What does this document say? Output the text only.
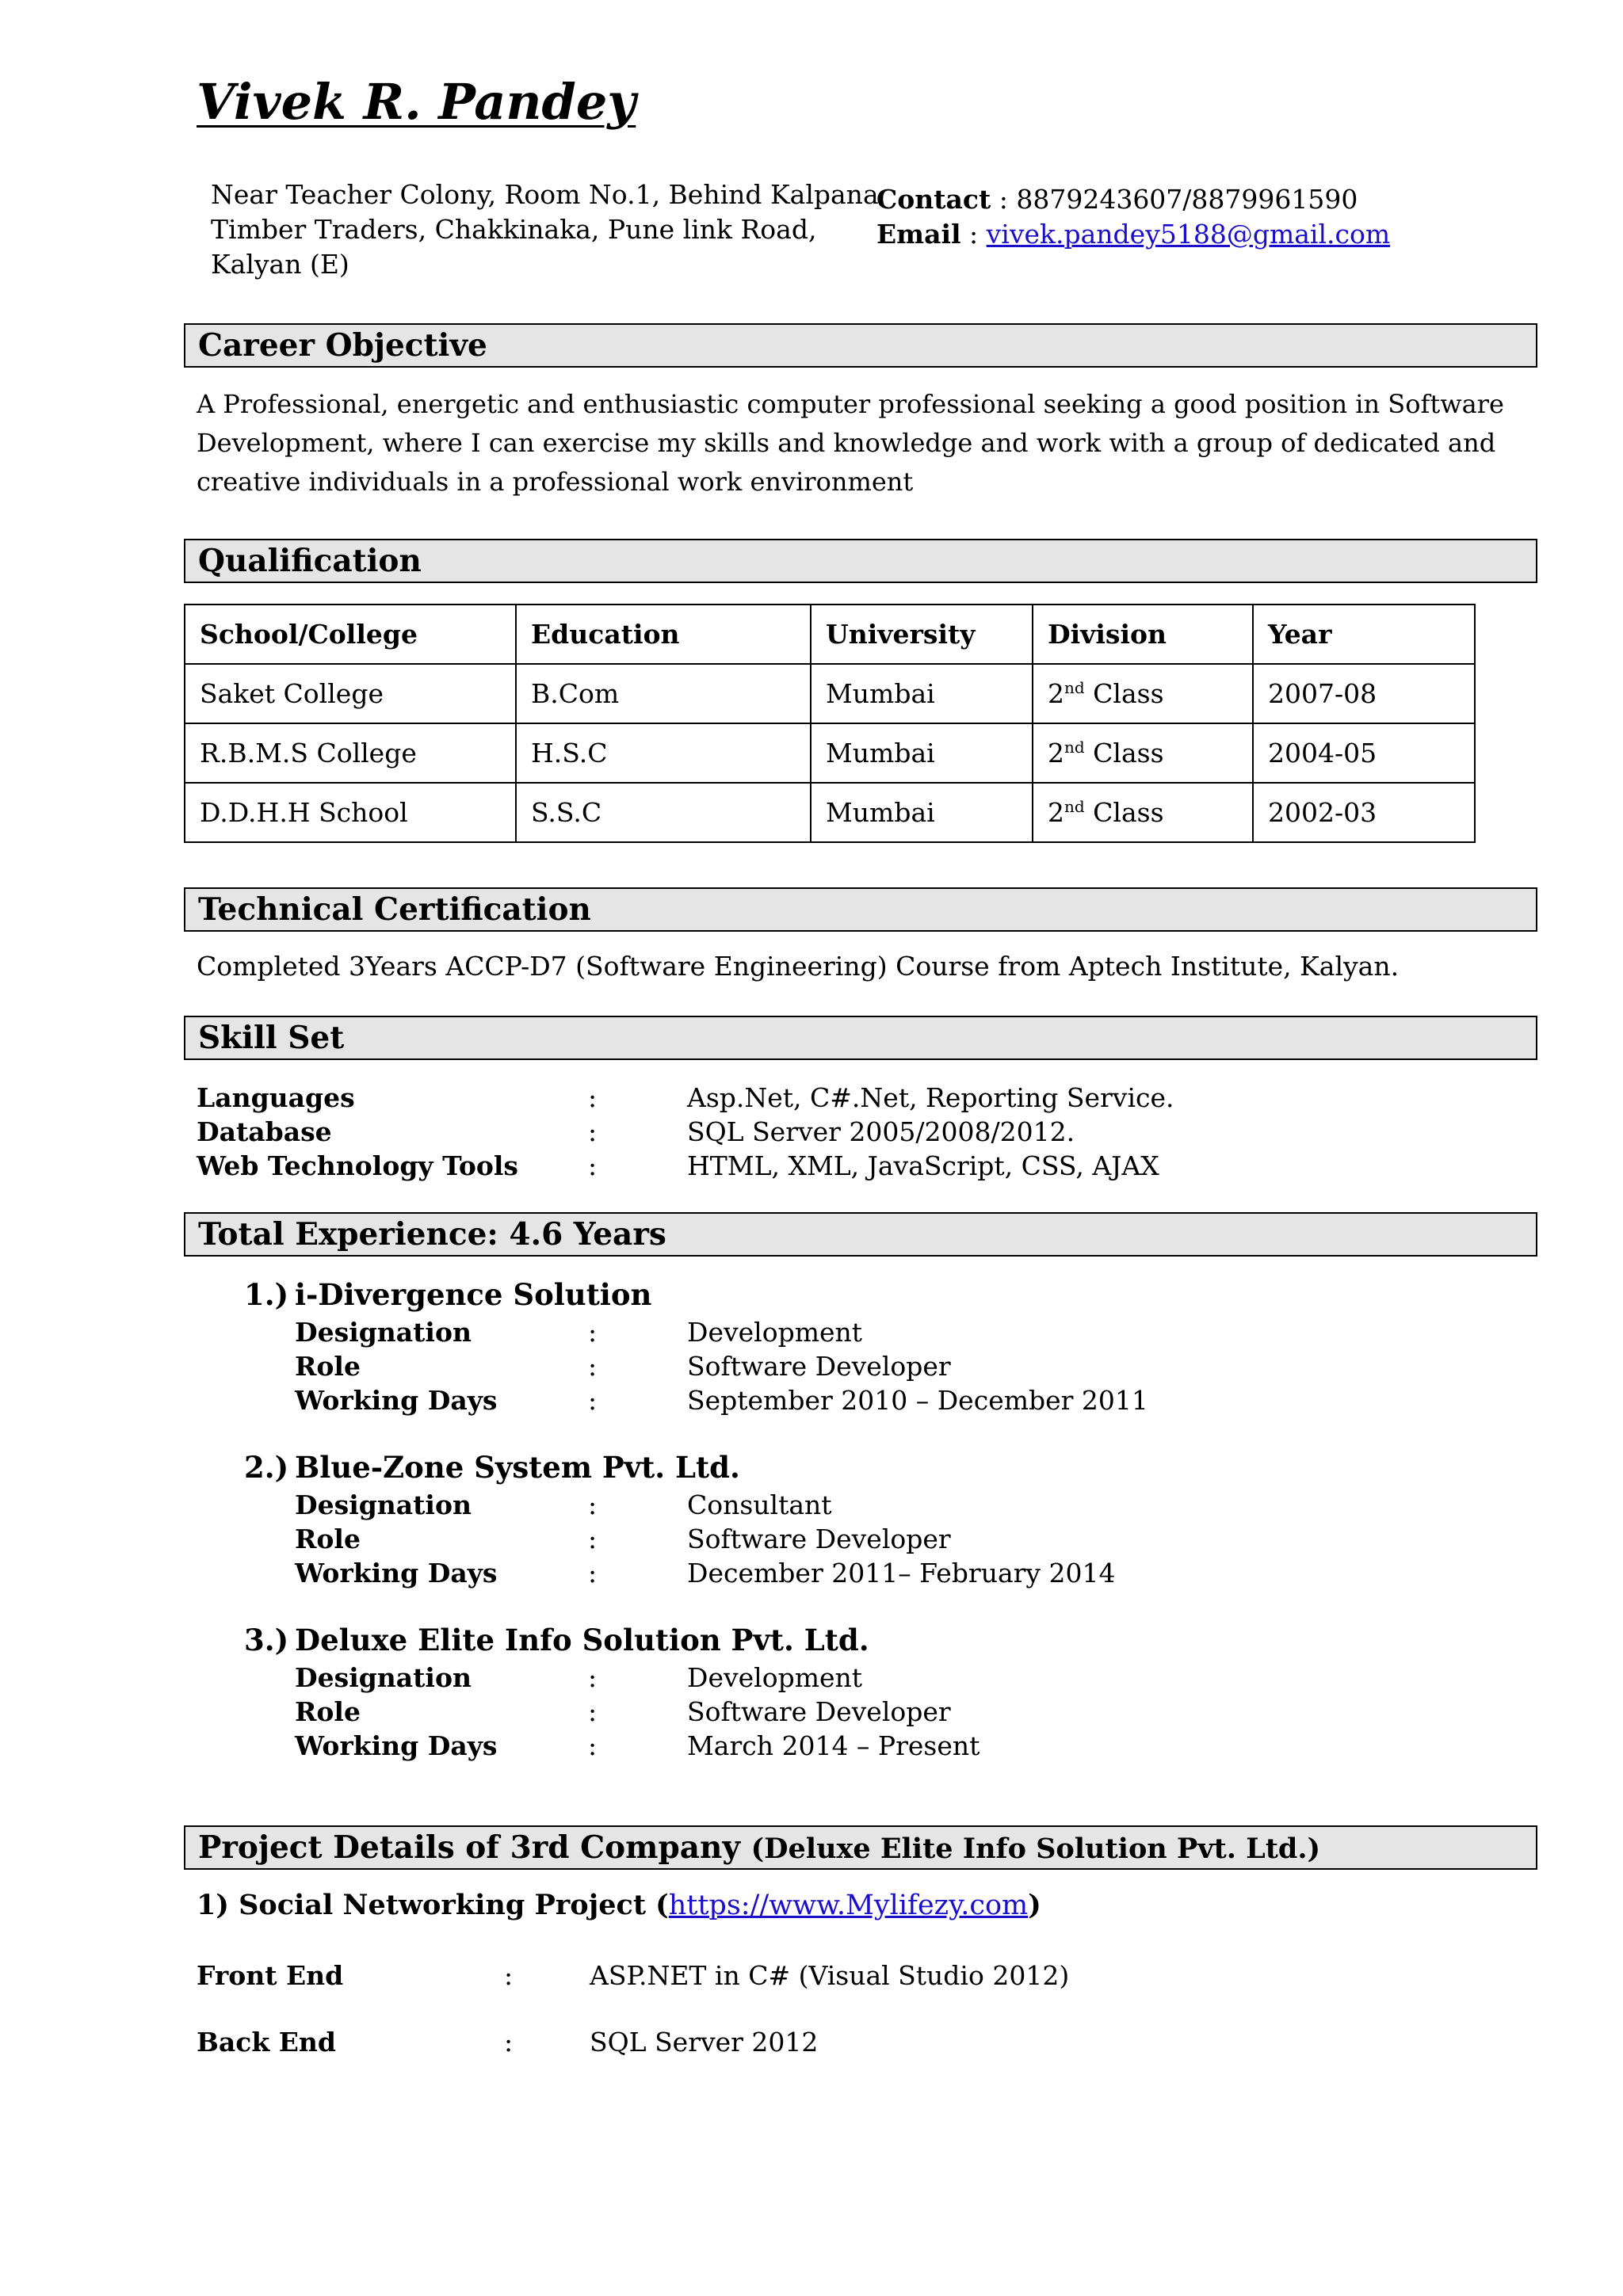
Vivek R. Pandey
Near Teacher Colony, Room No.1, Behind Kalpana
Timber Traders, Chakkinaka, Pune link Road,
Kalyan (E)
Contact : 8879243607/8879961590
Email : vivek.pandey5188@gmail.com
Career Objective
A Professional, energetic and enthusiastic computer professional seeking a good position in Software Development, where I can exercise my skills and knowledge and work with a group of dedicated and creative individuals in a professional work environment
Qualification
School/College	Education	University	Division	Year
Saket College	B.Com	Mumbai	2nd Class	2007-08
R.B.M.S College	H.S.C	Mumbai	2nd Class	2004-05
D.D.H.H School	S.S.C	Mumbai	2nd Class	2002-03
Technical Certification
Completed 3Years ACCP-D7 (Software Engineering) Course from Aptech Institute, Kalyan.
Skill Set
Languages	:	Asp.Net, C#.Net, Reporting Service.
Database	:	SQL Server 2005/2008/2012.
Web Technology Tools	:	HTML, XML, JavaScript, CSS, AJAX
Total Experience: 4.6 Years
1.) i-Divergence Solution
Designation	:	Development
Role	:	Software Developer
Working Days	:	September 2010 – December 2011
2.) Blue-Zone System Pvt. Ltd.
Designation	:	Consultant
Role	:	Software Developer
Working Days	:	December 2011– February 2014
3.) Deluxe Elite Info Solution Pvt. Ltd.
Designation	:	Development
Role	:	Software Developer
Working Days	:	March 2014 – Present
Project Details of 3rd Company (Deluxe Elite Info Solution Pvt. Ltd.)
1) Social Networking Project (https://www.Mylifezy.com)
Front End	:	ASP.NET in C# (Visual Studio 2012)
Back End	:	SQL Server 2012
